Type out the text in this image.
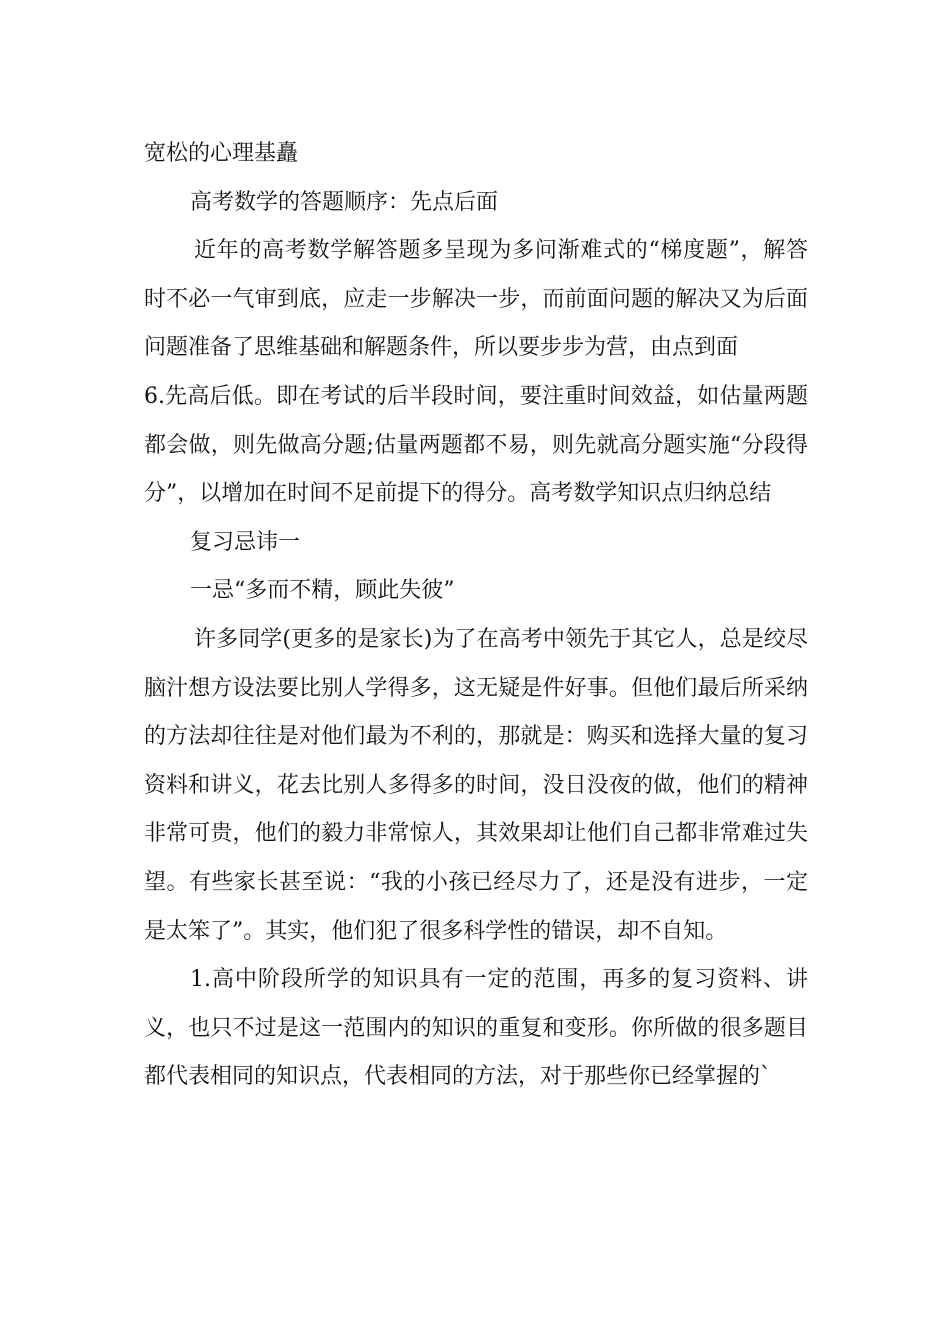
宽松的心理基矗

高考数学的答题顺序：先点后面

近年的高考数学解答题多呈现为多问渐难式的“梯度题”，解答时不必一气审到底，应走一步解决一步，而前面问题的解决又为后面问题准备了思维基础和解题条件，所以要步步为营，由点到面

6.先高后低。即在考试的后半段时间，要注重时间效益，如估量两题都会做，则先做高分题;估量两题都不易，则先就高分题实施“分段得分”，以增加在时间不足前提下的得分。高考数学知识点归纳总结

复习忌讳一

一忌“多而不精，顾此失彼”

许多同学(更多的是家长)为了在高考中领先于其它人，总是绞尽脑汁想方设法要比别人学得多，这无疑是件好事。但他们最后所采纳的方法却往往是对他们最为不利的，那就是：购买和选择大量的复习资料和讲义，花去比别人多得多的时间，没日没夜的做，他们的精神非常可贵，他们的毅力非常惊人，其效果却让他们自己都非常难过失望。有些家长甚至说：“我的小孩已经尽力了，还是没有进步，一定是太笨了”。其实，他们犯了很多科学性的错误，却不自知。

1.高中阶段所学的知识具有一定的范围，再多的复习资料、讲义，也只不过是这一范围内的知识的重复和变形。你所做的很多题目都代表相同的知识点，代表相同的方法，对于那些你已经掌握的`
